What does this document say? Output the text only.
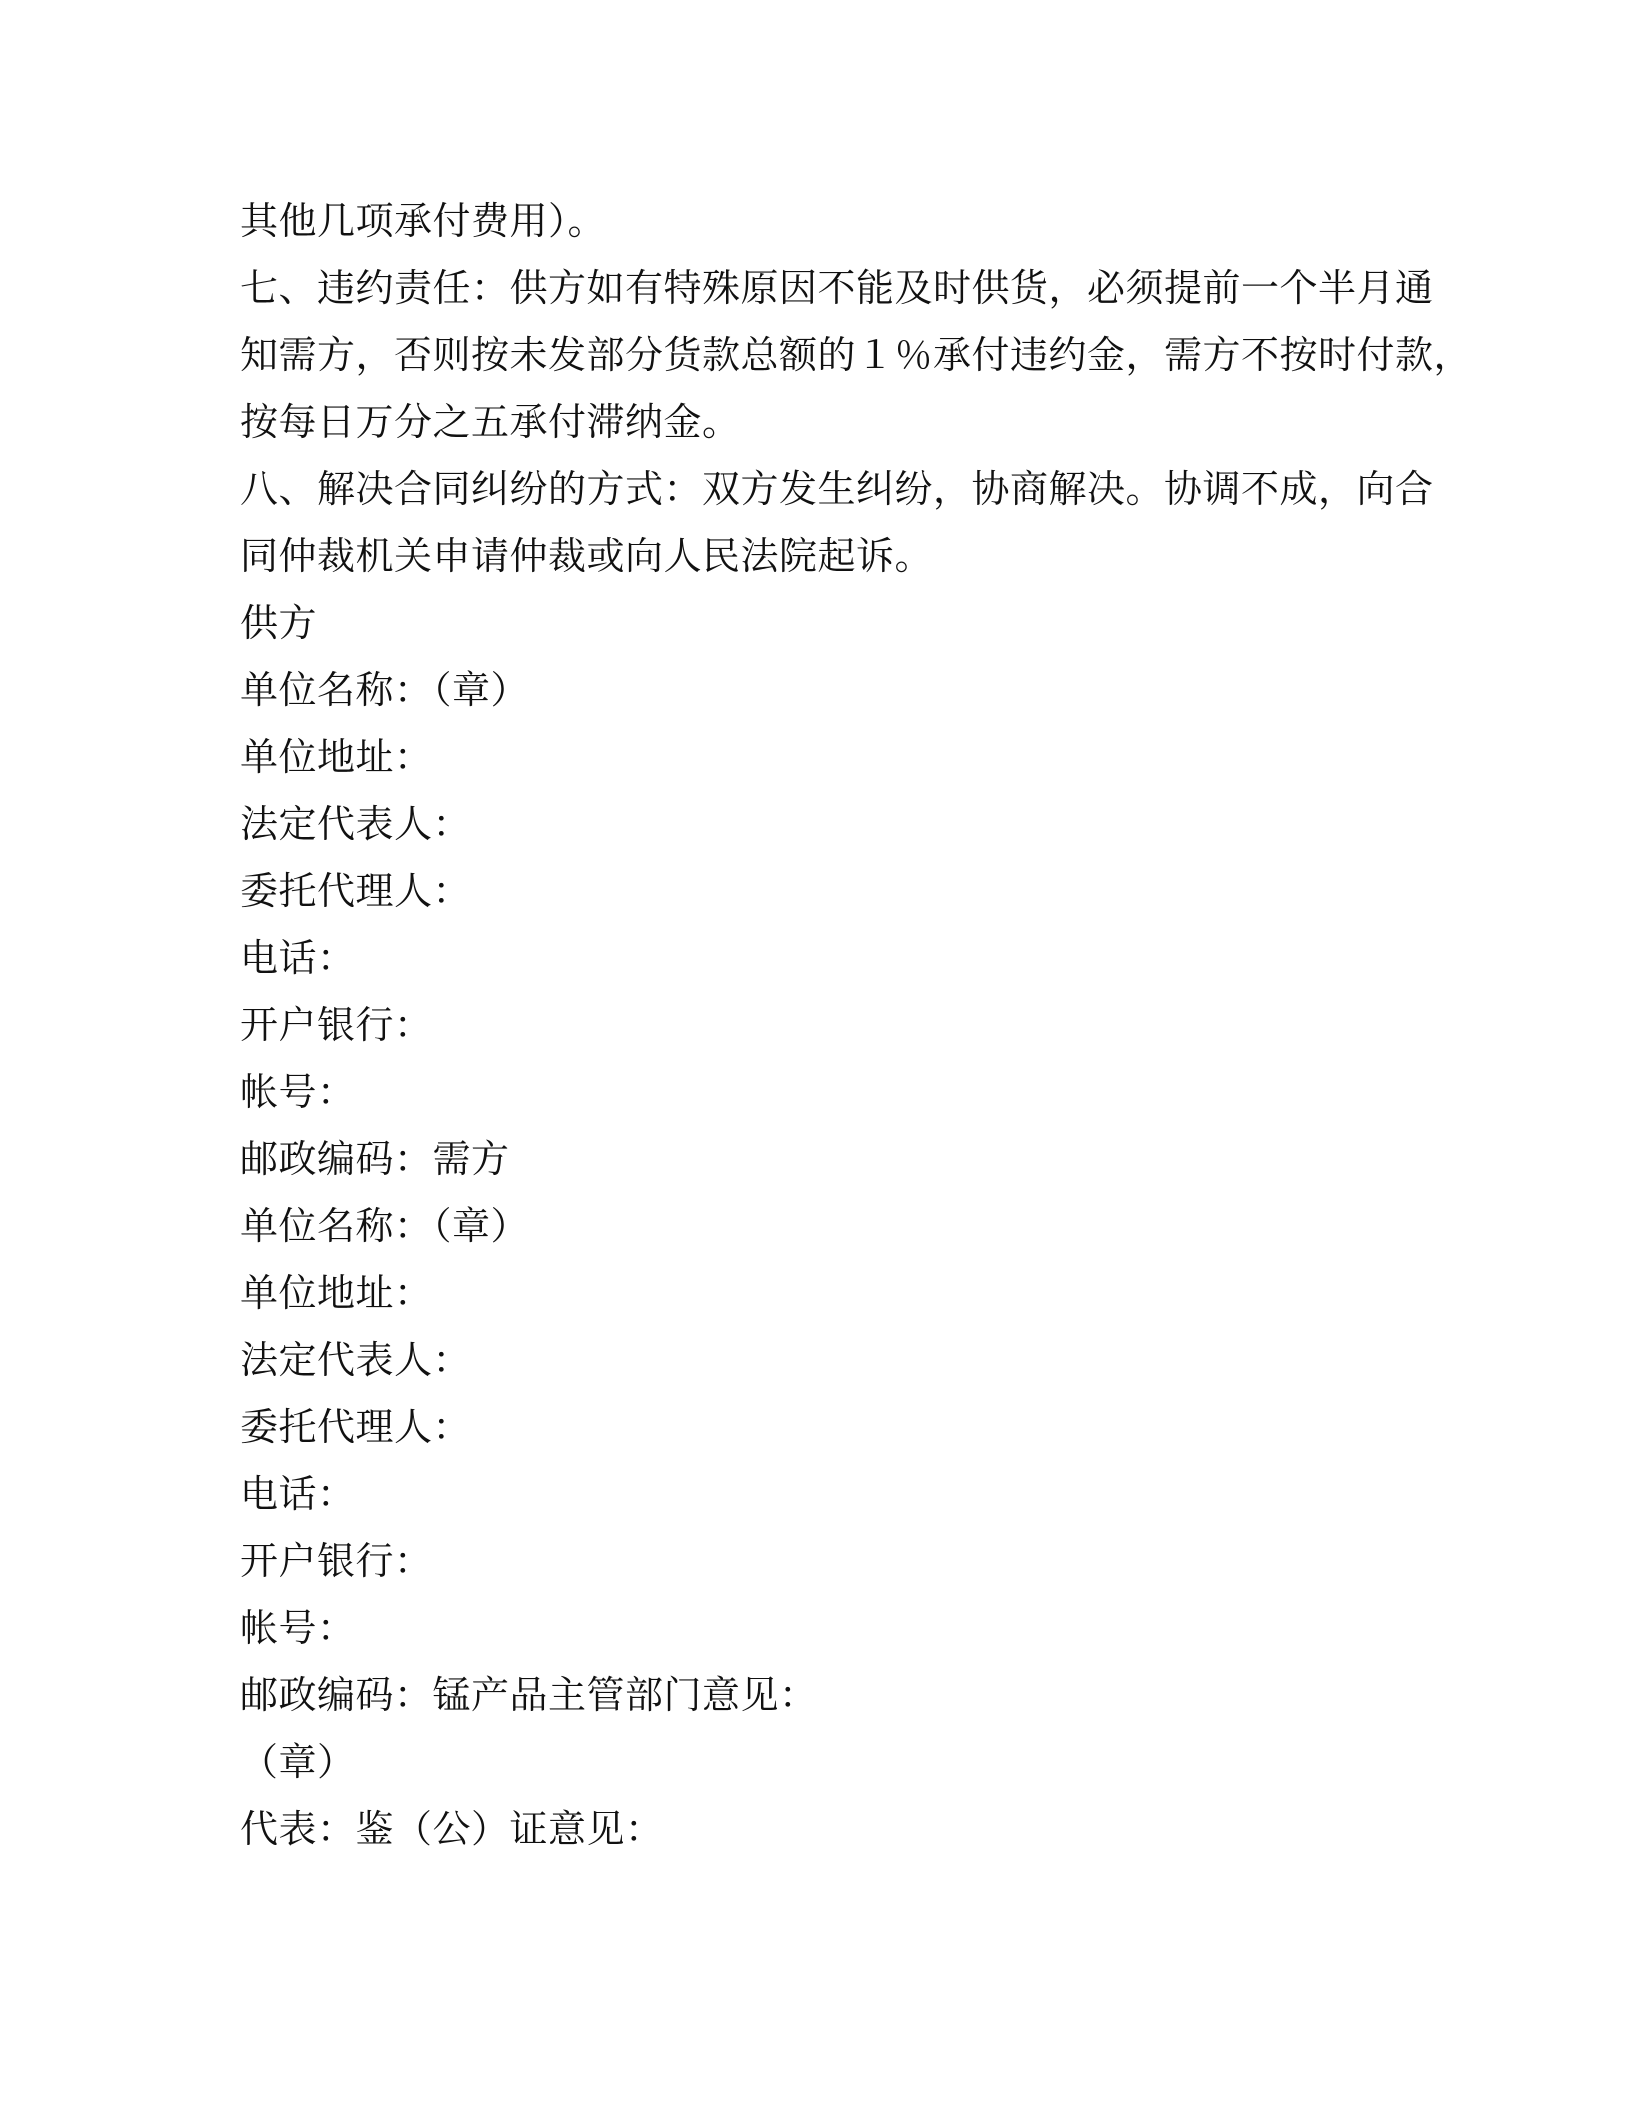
其他几项承付费用）。
七、违约责任：供方如有特殊原因不能及时供货，必须提前一个半月通
知需方，否则按未发部分货款总额的１％承付违约金，需方不按时付款，
按每日万分之五承付滞纳金。
八、解决合同纠纷的方式：双方发生纠纷，协商解决。协调不成，向合
同仲裁机关申请仲裁或向人民法院起诉。
供方
单位名称：（章）
单位地址：
法定代表人：
委托代理人：
电话：
开户银行：
帐号：
邮政编码：需方
单位名称：（章）
单位地址：
法定代表人：
委托代理人：
电话：
开户银行：
帐号：
邮政编码：锰产品主管部门意见：
（章）
代表：鉴（公）证意见：
